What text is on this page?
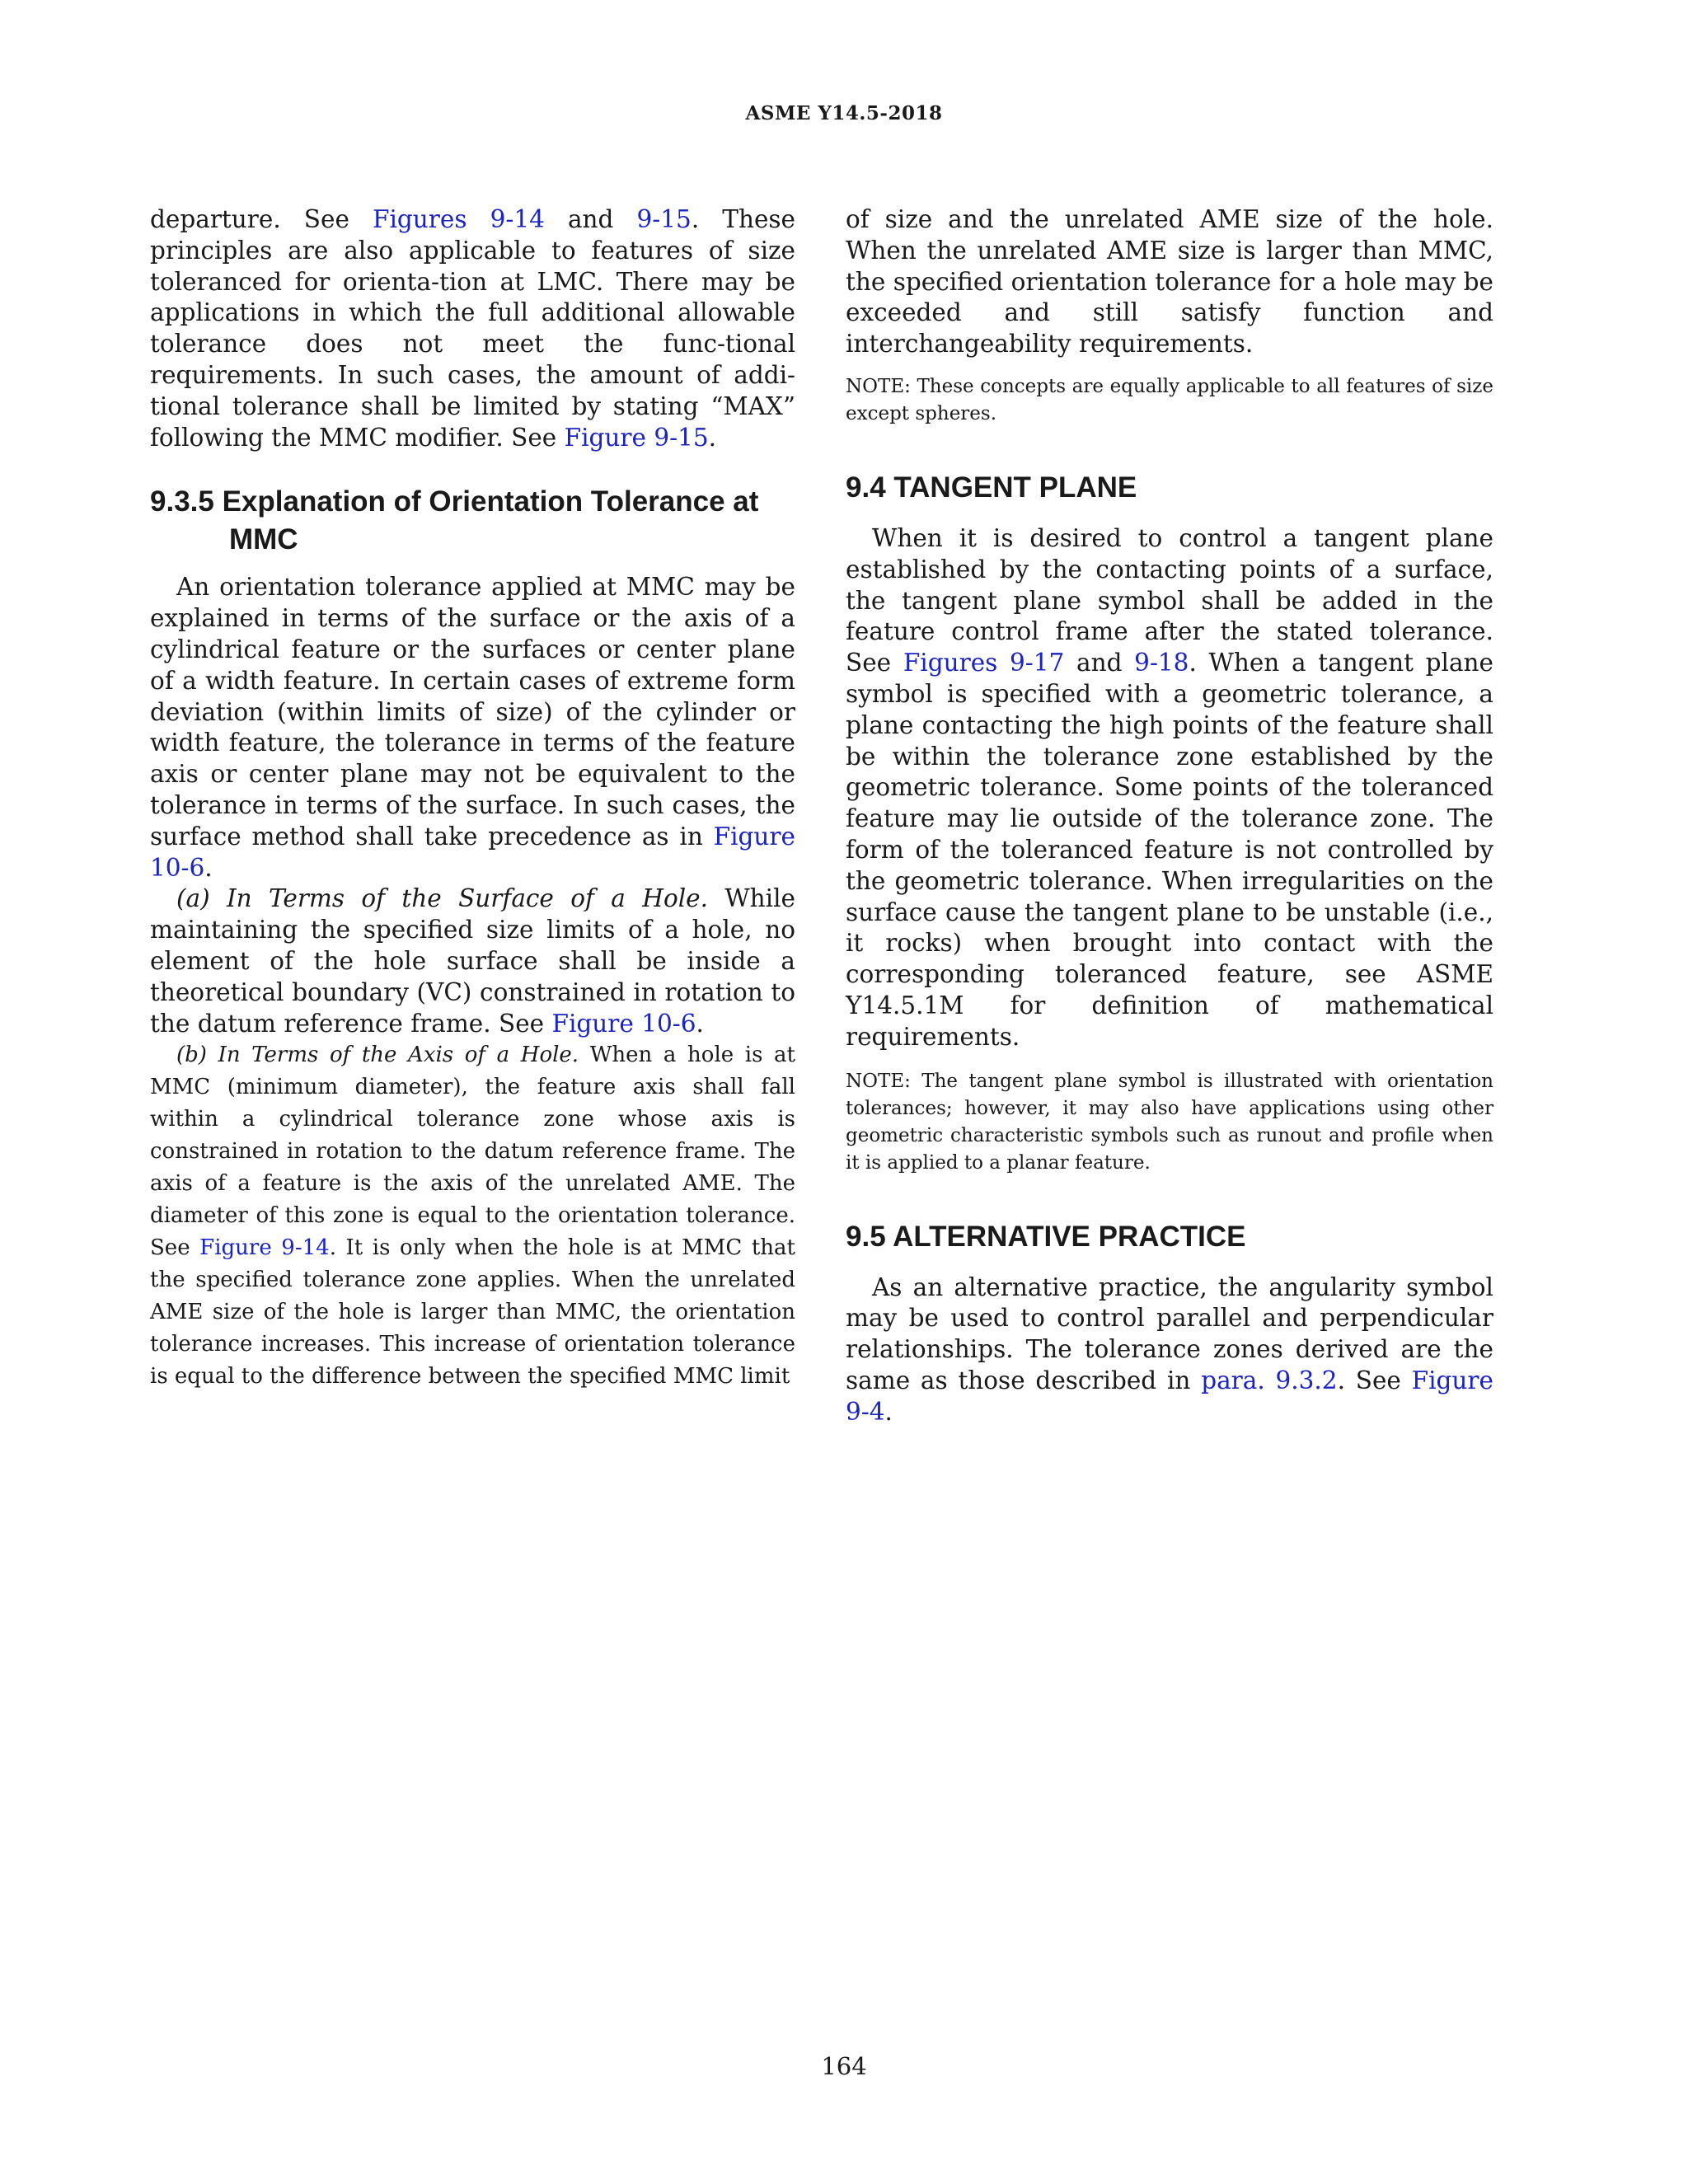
ASME Y14.5-2018

departure. See Figures 9-14 and 9-15. These principles are also applicable to features of size toleranced for orienta-tion at LMC. There may be applications in which the full additional allowable tolerance does not meet the func-tional requirements. In such cases, the amount of addi-tional tolerance shall be limited by stating “MAX” following the MMC modifier. See Figure 9-15.

9.3.5 Explanation of Orientation Tolerance at MMC

An orientation tolerance applied at MMC may be explained in terms of the surface or the axis of a cylindrical feature or the surfaces or center plane of a width feature. In certain cases of extreme form deviation (within limits of size) of the cylinder or width feature, the tolerance in terms of the feature axis or center plane may not be equivalent to the tolerance in terms of the surface. In such cases, the surface method shall take precedence as in Figure 10-6.

(a) In Terms of the Surface of a Hole. While maintaining the specified size limits of a hole, no element of the hole surface shall be inside a theoretical boundary (VC) constrained in rotation to the datum reference frame. See Figure 10-6.

(b) In Terms of the Axis of a Hole. When a hole is at MMC (minimum diameter), the feature axis shall fall within a cylindrical tolerance zone whose axis is constrained in rotation to the datum reference frame. The axis of a feature is the axis of the unrelated AME. The diameter of this zone is equal to the orientation tolerance. See Figure 9-14. It is only when the hole is at MMC that the specified tolerance zone applies. When the unrelated AME size of the hole is larger than MMC, the orientation tolerance increases. This increase of orientation tolerance is equal to the difference between the specified MMC limit

of size and the unrelated AME size of the hole. When the unrelated AME size is larger than MMC, the specified orientation tolerance for a hole may be exceeded and still satisfy function and interchangeability requirements.

NOTE: These concepts are equally applicable to all features of size except spheres.

9.4 TANGENT PLANE

When it is desired to control a tangent plane established by the contacting points of a surface, the tangent plane symbol shall be added in the feature control frame after the stated tolerance. See Figures 9-17 and 9-18. When a tangent plane symbol is specified with a geometric tolerance, a plane contacting the high points of the feature shall be within the tolerance zone established by the geometric tolerance. Some points of the toleranced feature may lie outside of the tolerance zone. The form of the toleranced feature is not controlled by the geometric tolerance. When irregularities on the surface cause the tangent plane to be unstable (i.e., it rocks) when brought into contact with the corresponding toleranced feature, see ASME Y14.5.1M for definition of mathematical requirements.

NOTE: The tangent plane symbol is illustrated with orientation tolerances; however, it may also have applications using other geometric characteristic symbols such as runout and profile when it is applied to a planar feature.

9.5 ALTERNATIVE PRACTICE

As an alternative practice, the angularity symbol may be used to control parallel and perpendicular relationships. The tolerance zones derived are the same as those described in para. 9.3.2. See Figure 9-4.

164
